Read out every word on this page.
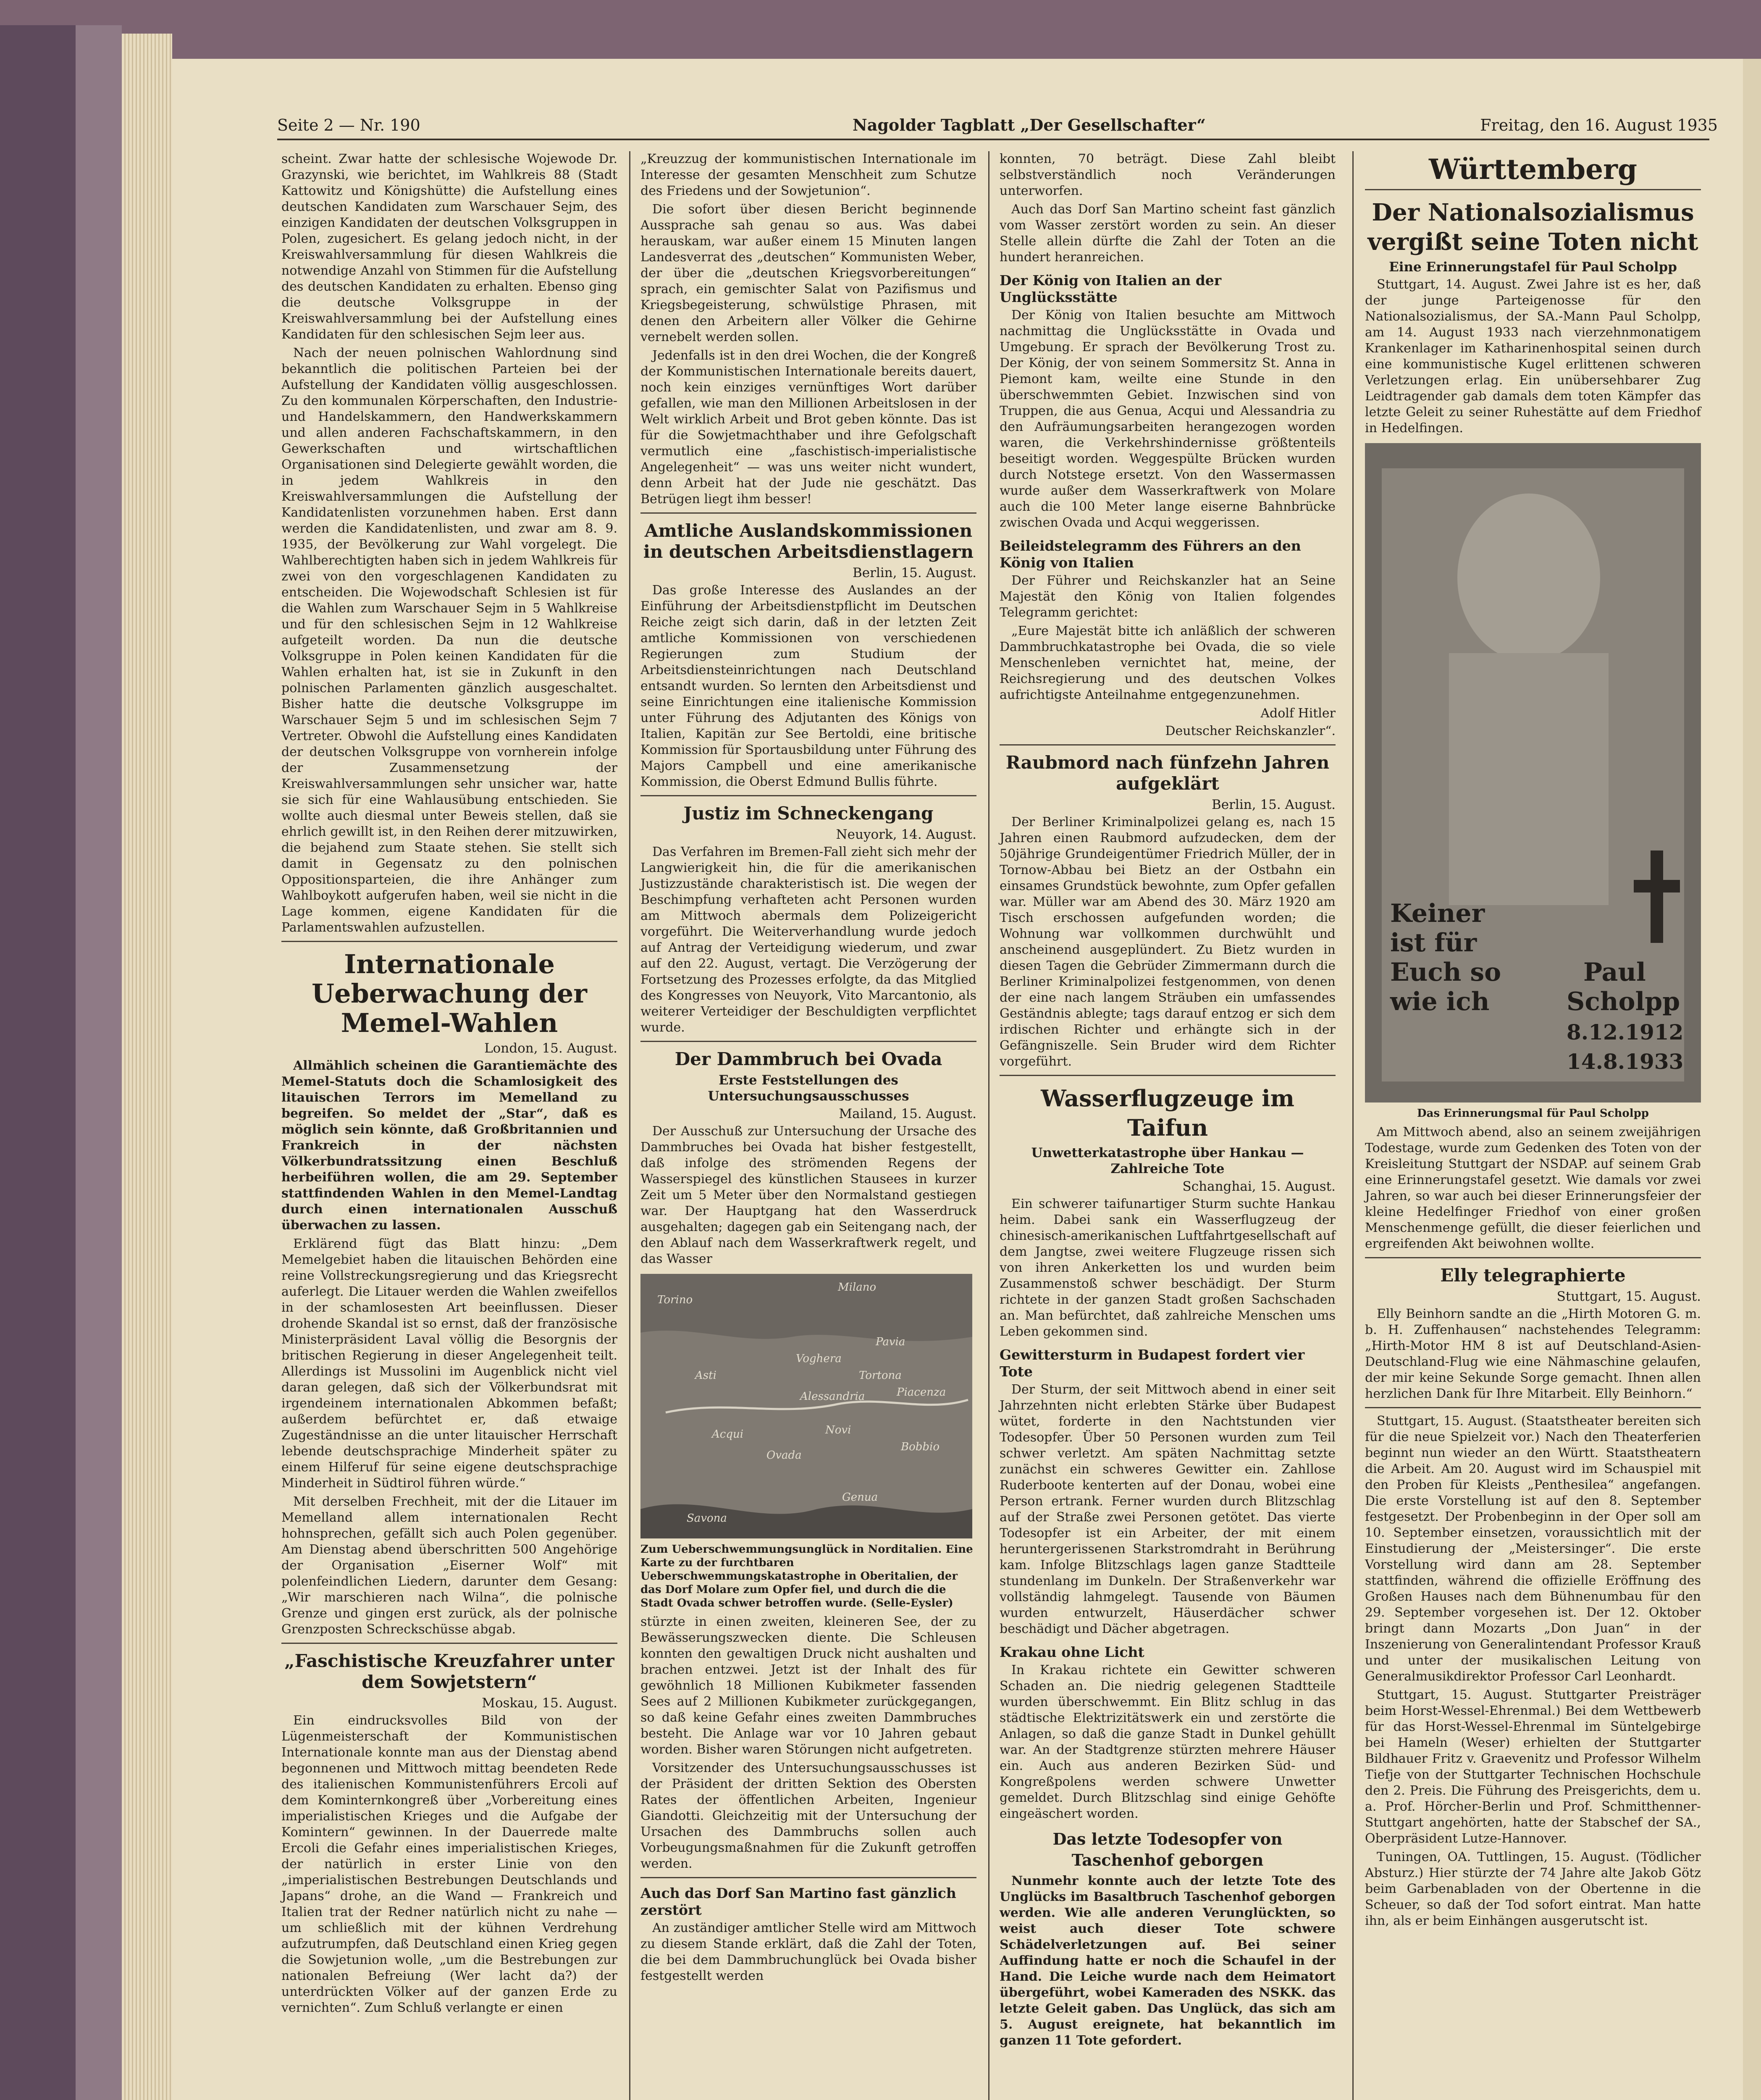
Seite 2 — Nr. 190	Nagolder Tagblatt „Der Gesellschafter“	Freitag, den 16. August 1935

scheint. Zwar hatte der schlesische Wojewode Dr. Grazynski, wie berichtet, im Wahlkreis 88 (Stadt Kattowitz und Königshütte) die Aufstellung eines deutschen Kandidaten zum Warschauer Sejm, des einzigen Kandidaten der deutschen Volksgruppen in Polen, zugesichert. Es gelang jedoch nicht, in der Kreiswahlversammlung für diesen Wahlkreis die notwendige Anzahl von Stimmen für die Aufstellung des deutschen Kandidaten zu erhalten. Ebenso ging die deutsche Volksgruppe in der Kreiswahlversammlung bei der Aufstellung eines Kandidaten für den schlesischen Sejm leer aus.

Nach der neuen polnischen Wahlordnung sind bekanntlich die politischen Parteien bei der Aufstellung der Kandidaten völlig ausgeschlossen. Zu den kommunalen Körperschaften, den Industrie- und Handelskammern, den Handwerkskammern und allen anderen Fachschaftskammern, in den Gewerkschaften und wirtschaftlichen Organisationen sind Delegierte gewählt worden, die in jedem Wahlkreis in den Kreiswahlversammlungen die Aufstellung der Kandidatenlisten vorzunehmen haben. Erst dann werden die Kandidatenlisten, und zwar am 8. 9. 1935, der Bevölkerung zur Wahl vorgelegt. Die Wahlberechtigten haben sich in jedem Wahlkreis für zwei von den vorgeschlagenen Kandidaten zu entscheiden. Die Wojewodschaft Schlesien ist für die Wahlen zum Warschauer Sejm in 5 Wahlkreise und für den schlesischen Sejm in 12 Wahlkreise aufgeteilt worden. Da nun die deutsche Volksgruppe in Polen keinen Kandidaten für die Wahlen erhalten hat, ist sie in Zukunft in den polnischen Parlamenten gänzlich ausgeschaltet. Bisher hatte die deutsche Volksgruppe im Warschauer Sejm 5 und im schlesischen Sejm 7 Vertreter. Obwohl die Aufstellung eines Kandidaten der deutschen Volksgruppe von vornherein infolge der Zusammensetzung der Kreiswahlversammlungen sehr unsicher war, hatte sie sich für eine Wahlausübung entschieden. Sie wollte auch diesmal unter Beweis stellen, daß sie ehrlich gewillt ist, in den Reihen derer mitzuwirken, die bejahend zum Staate stehen. Sie stellt sich damit in Gegensatz zu den polnischen Oppositionsparteien, die ihre Anhänger zum Wahlboykott aufgerufen haben, weil sie nicht in die Lage kommen, eigene Kandidaten für die Parlamentswahlen aufzustellen.

Internationale Ueberwachung der Memel-Wahlen
London, 15. August.

Allmählich scheinen die Garantiemächte des Memel-Statuts doch die Schamlosigkeit des litauischen Terrors im Memelland zu begreifen. So meldet der „Star“, daß es möglich sein könnte, daß Großbritannien und Frankreich in der nächsten Völkerbundratssitzung einen Beschluß herbeiführen wollen, die am 29. September stattfindenden Wahlen in den Memel-Landtag durch einen internationalen Ausschuß überwachen zu lassen.

Erklärend fügt das Blatt hinzu: „Dem Memelgebiet haben die litauischen Behörden eine reine Vollstreckungsregierung und das Kriegsrecht auferlegt. Die Litauer werden die Wahlen zweifellos in der schamlosesten Art beeinflussen. Dieser drohende Skandal ist so ernst, daß der französische Ministerpräsident Laval völlig die Besorgnis der britischen Regierung in dieser Angelegenheit teilt. Allerdings ist Mussolini im Augenblick nicht viel daran gelegen, daß sich der Völkerbundsrat mit irgendeinem internationalen Abkommen befaßt; außerdem befürchtet er, daß etwaige Zugeständnisse an die unter litauischer Herrschaft lebende deutschsprachige Minderheit später zu einem Hilferuf für seine eigene deutschsprachige Minderheit in Südtirol führen würde.“

Mit derselben Frechheit, mit der die Litauer im Memelland allem internationalen Recht hohnsprechen, gefällt sich auch Polen gegenüber. Am Dienstag abend überschritten 500 Angehörige der Organisation „Eiserner Wolf“ mit polenfeindlichen Liedern, darunter dem Gesang: „Wir marschieren nach Wilna“, die polnische Grenze und gingen erst zurück, als der polnische Grenzposten Schreckschüsse abgab.

„Faschistische Kreuzfahrer unter dem Sowjetstern“
Moskau, 15. August.

Ein eindrucksvolles Bild von der Lügenmeisterschaft der Kommunistischen Internationale konnte man aus der Dienstag abend begonnenen und Mittwoch mittag beendeten Rede des italienischen Kommunistenführers Ercoli auf dem Kominternkongreß über „Vorbereitung eines imperialistischen Krieges und die Aufgabe der Komintern“ gewinnen. In der Dauerrede malte Ercoli die Gefahr eines imperialistischen Krieges, der natürlich in erster Linie von den „imperialistischen Bestrebungen Deutschlands und Japans“ drohe, an die Wand — Frankreich und Italien trat der Redner natürlich nicht zu nahe — um schließlich mit der kühnen Verdrehung aufzutrumpfen, daß Deutschland einen Krieg gegen die Sowjetunion wolle, „um die Bestrebungen zur nationalen Befreiung (Wer lacht da?) der unterdrückten Völker auf der ganzen Erde zu vernichten“. Zum Schluß verlangte er einen

„Kreuzzug der kommunistischen Internationale im Interesse der gesamten Menschheit zum Schutze des Friedens und der Sowjetunion“.

Die sofort über diesen Bericht beginnende Aussprache sah genau so aus. Was dabei herauskam, war außer einem 15 Minuten langen Landesverrat des „deutschen“ Kommunisten Weber, der über die „deutschen Kriegsvorbereitungen“ sprach, ein gemischter Salat von Pazifismus und Kriegsbegeisterung, schwülstige Phrasen, mit denen den Arbeitern aller Völker die Gehirne vernebelt werden sollen.

Jedenfalls ist in den drei Wochen, die der Kongreß der Kommunistischen Internationale bereits dauert, noch kein einziges vernünftiges Wort darüber gefallen, wie man den Millionen Arbeitslosen in der Welt wirklich Arbeit und Brot geben könnte. Das ist für die Sowjetmachthaber und ihre Gefolgschaft vermutlich eine „faschistisch-imperialistische Angelegenheit“ — was uns weiter nicht wundert, denn Arbeit hat der Jude nie geschätzt. Das Betrügen liegt ihm besser!

Amtliche Auslandskommissionen in deutschen Arbeitsdienstlagern
Berlin, 15. August.

Das große Interesse des Auslandes an der Einführung der Arbeitsdienstpflicht im Deutschen Reiche zeigt sich darin, daß in der letzten Zeit amtliche Kommissionen von verschiedenen Regierungen zum Studium der Arbeitsdiensteinrichtungen nach Deutschland entsandt wurden. So lernten den Arbeitsdienst und seine Einrichtungen eine italienische Kommission unter Führung des Adjutanten des Königs von Italien, Kapitän zur See Bertoldi, eine britische Kommission für Sportausbildung unter Führung des Majors Campbell und eine amerikanische Kommission, die Oberst Edmund Bullis führte.

Justiz im Schneckengang
Neuyork, 14. August.

Das Verfahren im Bremen-Fall zieht sich mehr der Langwierigkeit hin, die für die amerikanischen Justizzustände charakteristisch ist. Die wegen der Beschimpfung verhafteten acht Personen wurden am Mittwoch abermals dem Polizeigericht vorgeführt. Die Weiterverhandlung wurde jedoch auf Antrag der Verteidigung wiederum, und zwar auf den 22. August, vertagt. Die Verzögerung der Fortsetzung des Prozesses erfolgte, da das Mitglied des Kongresses von Neuyork, Vito Marcantonio, als weiterer Verteidiger der Beschuldigten verpflichtet wurde.

Der Dammbruch bei Ovada
Erste Feststellungen des Untersuchungsausschusses
Mailand, 15. August.

Der Ausschuß zur Untersuchung der Ursache des Dammbruches bei Ovada hat bisher festgestellt, daß infolge des strömenden Regens der Wasserspiegel des künstlichen Stausees in kurzer Zeit um 5 Meter über den Normalstand gestiegen war. Der Hauptgang hat den Wasserdruck ausgehalten; dagegen gab ein Seitengang nach, der den Ablauf nach dem Wasserkraftwerk regelt, und das Wasser

Torino
Milano
Pavia
Voghera
Asti
Alessandria
Novi
Acqui
Ovada
Genua
Savona
Piacenza
Bobbio
Tortona
Zum Ueberschwemmungsunglück in Norditalien. Eine Karte zu der furchtbaren Ueberschwemmungskatastrophe in Oberitalien, der das Dorf Molare zum Opfer fiel, und durch die die Stadt Ovada schwer betroffen wurde. (Selle-Eysler)

stürzte in einen zweiten, kleineren See, der zu Bewässerungszwecken diente. Die Schleusen konnten den gewaltigen Druck nicht aushalten und brachen entzwei. Jetzt ist der Inhalt des für gewöhnlich 18 Millionen Kubikmeter fassenden Sees auf 2 Millionen Kubikmeter zurückgegangen, so daß keine Gefahr eines zweiten Dammbruches besteht. Die Anlage war vor 10 Jahren gebaut worden. Bisher waren Störungen nicht aufgetreten.

Vorsitzender des Untersuchungsausschusses ist der Präsident der dritten Sektion des Obersten Rates der öffentlichen Arbeiten, Ingenieur Giandotti. Gleichzeitig mit der Untersuchung der Ursachen des Dammbruchs sollen auch Vorbeugungsmaßnahmen für die Zukunft getroffen werden.

Auch das Dorf San Martino fast gänzlich zerstört

An zuständiger amtlicher Stelle wird am Mittwoch zu diesem Stande erklärt, daß die Zahl der Toten, die bei dem Dammbruchunglück bei Ovada bisher festgestellt werden

konnten, 70 beträgt. Diese Zahl bleibt selbstverständlich noch Veränderungen unterworfen.

Auch das Dorf San Martino scheint fast gänzlich vom Wasser zerstört worden zu sein. An dieser Stelle allein dürfte die Zahl der Toten an die hundert heranreichen.

Der König von Italien an der Unglücksstätte

Der König von Italien besuchte am Mittwoch nachmittag die Unglücksstätte in Ovada und Umgebung. Er sprach der Bevölkerung Trost zu. Der König, der von seinem Sommersitz St. Anna in Piemont kam, weilte eine Stunde in den überschwemmten Gebiet. Inzwischen sind von Truppen, die aus Genua, Acqui und Alessandria zu den Aufräumungsarbeiten herangezogen worden waren, die Verkehrshindernisse größtenteils beseitigt worden. Weggespülte Brücken wurden durch Notstege ersetzt. Von den Wassermassen wurde außer dem Wasserkraftwerk von Molare auch die 100 Meter lange eiserne Bahnbrücke zwischen Ovada und Acqui weggerissen.

Beileidstelegramm des Führers an den König von Italien

Der Führer und Reichskanzler hat an Seine Majestät den König von Italien folgendes Telegramm gerichtet:

„Eure Majestät bitte ich anläßlich der schweren Dammbruchkatastrophe bei Ovada, die so viele Menschenleben vernichtet hat, meine, der Reichsregierung und des deutschen Volkes aufrichtigste Anteilnahme entgegenzunehmen.

Adolf Hitler
Deutscher Reichskanzler“.
Raubmord nach fünfzehn Jahren aufgeklärt
Berlin, 15. August.

Der Berliner Kriminalpolizei gelang es, nach 15 Jahren einen Raubmord aufzudecken, dem der 50jährige Grundeigentümer Friedrich Müller, der in Tornow-Abbau bei Bietz an der Ostbahn ein einsames Grundstück bewohnte, zum Opfer gefallen war. Müller war am Abend des 30. März 1920 am Tisch erschossen aufgefunden worden; die Wohnung war vollkommen durchwühlt und anscheinend ausgeplündert. Zu Bietz wurden in diesen Tagen die Gebrüder Zimmermann durch die Berliner Kriminalpolizei festgenommen, von denen der eine nach langem Sträuben ein umfassendes Geständnis ablegte; tags darauf entzog er sich dem irdischen Richter und erhängte sich in der Gefängniszelle. Sein Bruder wird dem Richter vorgeführt.

Wasserflugzeuge im Taifun
Unwetterkatastrophe über Hankau — Zahlreiche Tote
Schanghai, 15. August.

Ein schwerer taifunartiger Sturm suchte Hankau heim. Dabei sank ein Wasserflugzeug der chinesisch-amerikanischen Luftfahrtgesellschaft auf dem Jangtse, zwei weitere Flugzeuge rissen sich von ihren Ankerketten los und wurden beim Zusammenstoß schwer beschädigt. Der Sturm richtete in der ganzen Stadt großen Sachschaden an. Man befürchtet, daß zahlreiche Menschen ums Leben gekommen sind.

Gewittersturm in Budapest fordert vier Tote

Der Sturm, der seit Mittwoch abend in einer seit Jahrzehnten nicht erlebten Stärke über Budapest wütet, forderte in den Nachtstunden vier Todesopfer. Über 50 Personen wurden zum Teil schwer verletzt. Am späten Nachmittag setzte zunächst ein schweres Gewitter ein. Zahllose Ruderboote kenterten auf der Donau, wobei eine Person ertrank. Ferner wurden durch Blitzschlag auf der Straße zwei Personen getötet. Das vierte Todesopfer ist ein Arbeiter, der mit einem heruntergerissenen Starkstromdraht in Berührung kam. Infolge Blitzschlags lagen ganze Stadtteile stundenlang im Dunkeln. Der Straßenverkehr war vollständig lahmgelegt. Tausende von Bäumen wurden entwurzelt, Häuserdächer schwer beschädigt und Dächer abgetragen.

Krakau ohne Licht

In Krakau richtete ein Gewitter schweren Schaden an. Die niedrig gelegenen Stadtteile wurden überschwemmt. Ein Blitz schlug in das städtische Elektrizitätswerk ein und zerstörte die Anlagen, so daß die ganze Stadt in Dunkel gehüllt war. An der Stadtgrenze stürzten mehrere Häuser ein. Auch aus anderen Bezirken Süd- und Kongreßpolens werden schwere Unwetter gemeldet. Durch Blitzschlag sind einige Gehöfte eingeäschert worden.

Das letzte Todesopfer von Taschenhof geborgen

Nunmehr konnte auch der letzte Tote des Unglücks im Basaltbruch Taschenhof geborgen werden. Wie alle anderen Verunglückten, so weist auch dieser Tote schwere Schädelverletzungen auf. Bei seiner Auffindung hatte er noch die Schaufel in der Hand. Die Leiche wurde nach dem Heimatort übergeführt, wobei Kameraden des NSKK. das letzte Geleit gaben. Das Unglück, das sich am 5. August ereignete, hat bekanntlich im ganzen 11 Tote gefordert.

Württemberg
Der Nationalsozialismus vergißt seine Toten nicht
Eine Erinnerungstafel für Paul Scholpp

Stuttgart, 14. August. Zwei Jahre ist es her, daß der junge Parteigenosse für den Nationalsozialismus, der SA.-Mann Paul Scholpp, am 14. August 1933 nach vierzehnmonatigem Krankenlager im Katharinenhospital seinen durch eine kommunistische Kugel erlittenen schweren Verletzungen erlag. Ein unübersehbarer Zug Leidtragender gab damals dem toten Kämpfer das letzte Geleit zu seiner Ruhestätte auf dem Friedhof in Hedelfingen.

Keiner
ist für
Euch so
wie ich
Paul
Scholpp
8.12.1912
14.8.1933
Das Erinnerungsmal für Paul Scholpp

Am Mittwoch abend, also an seinem zweijährigen Todestage, wurde zum Gedenken des Toten von der Kreisleitung Stuttgart der NSDAP. auf seinem Grab eine Erinnerungstafel gesetzt. Wie damals vor zwei Jahren, so war auch bei dieser Erinnerungsfeier der kleine Hedelfinger Friedhof von einer großen Menschenmenge gefüllt, die dieser feierlichen und ergreifenden Akt beiwohnen wollte.

Elly telegraphierte
Stuttgart, 15. August.

Elly Beinhorn sandte an die „Hirth Motoren G. m. b. H. Zuffenhausen“ nachstehendes Telegramm: „Hirth-Motor HM 8 ist auf Deutschland-Asien-Deutschland-Flug wie eine Nähmaschine gelaufen, der mir keine Sekunde Sorge gemacht. Ihnen allen herzlichen Dank für Ihre Mitarbeit. Elly Beinhorn.“

Stuttgart, 15. August. (Staatstheater bereiten sich für die neue Spielzeit vor.) Nach den Theaterferien beginnt nun wieder an den Württ. Staatstheatern die Arbeit. Am 20. August wird im Schauspiel mit den Proben für Kleists „Penthesilea“ angefangen. Die erste Vorstellung ist auf den 8. September festgesetzt. Der Probenbeginn in der Oper soll am 10. September einsetzen, voraussichtlich mit der Einstudierung der „Meistersinger“. Die erste Vorstellung wird dann am 28. September stattfinden, während die offizielle Eröffnung des Großen Hauses nach dem Bühnenumbau für den 29. September vorgesehen ist. Der 12. Oktober bringt dann Mozarts „Don Juan“ in der Inszenierung von Generalintendant Professor Krauß und unter der musikalischen Leitung von Generalmusikdirektor Professor Carl Leonhardt.

Stuttgart, 15. August. Stuttgarter Preisträger beim Horst-Wessel-Ehrenmal.) Bei dem Wettbewerb für das Horst-Wessel-Ehrenmal im Süntelgebirge bei Hameln (Weser) erhielten der Stuttgarter Bildhauer Fritz v. Graevenitz und Professor Wilhelm Tiefje von der Stuttgarter Technischen Hochschule den 2. Preis. Die Führung des Preisgerichts, dem u. a. Prof. Hörcher-Berlin und Prof. Schmitthenner-Stuttgart angehörten, hatte der Stabschef der SA., Oberpräsident Lutze-Hannover.

Tuningen, OA. Tuttlingen, 15. August. (Tödlicher Absturz.) Hier stürzte der 74 Jahre alte Jakob Götz beim Garbenabladen von der Obertenne in die Scheuer, so daß der Tod sofort eintrat. Man hatte ihn, als er beim Einhängen ausgerutscht ist.
